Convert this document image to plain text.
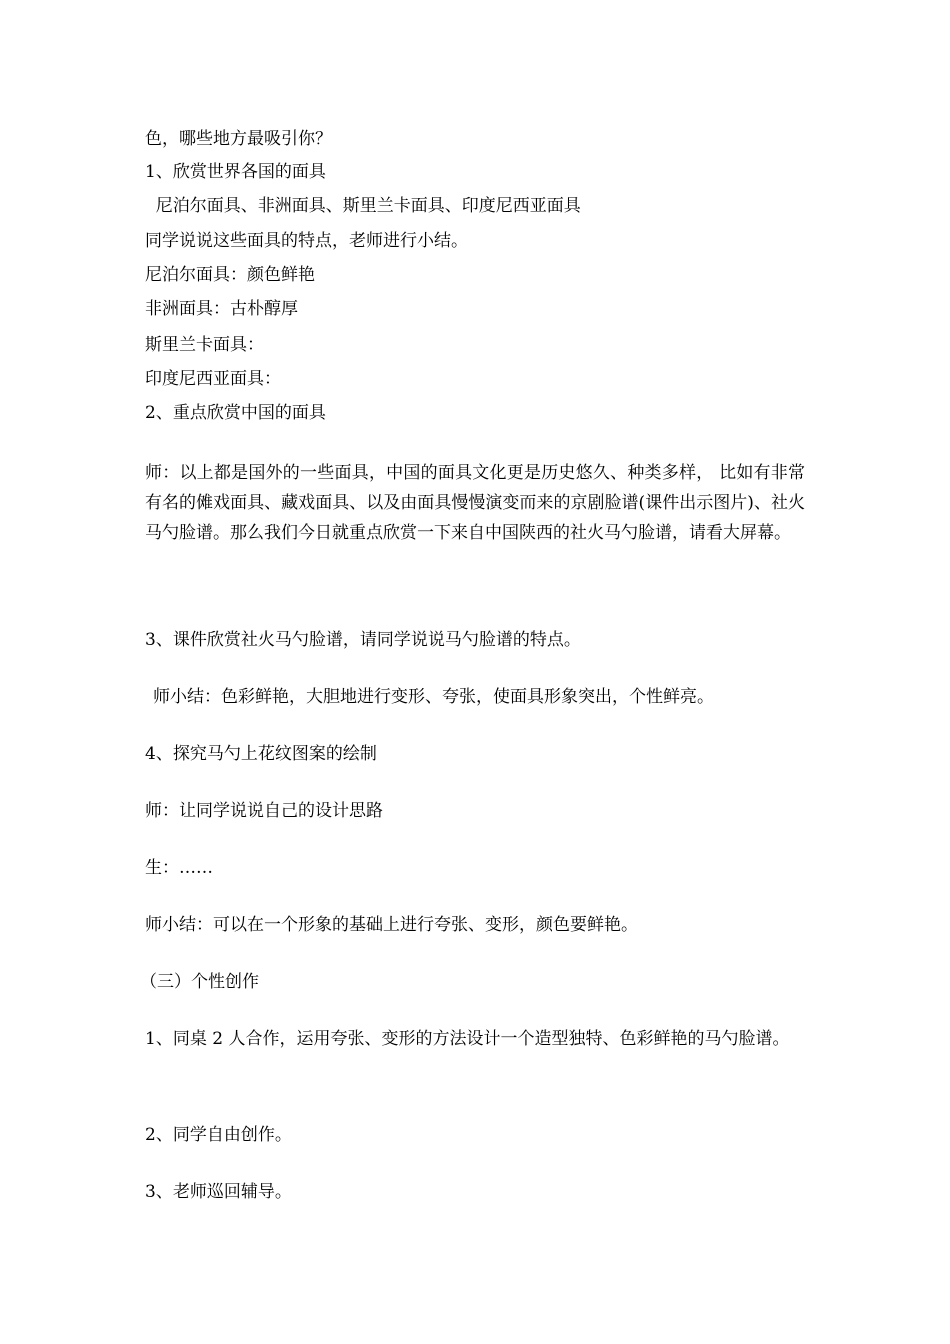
色，哪些地方最吸引你？

1、欣赏世界各国的面具

尼泊尔面具、非洲面具、斯里兰卡面具、印度尼西亚面具

同学说说这些面具的特点，老师进行小结。

尼泊尔面具：颜色鲜艳

非洲面具：古朴醇厚

斯里兰卡面具：

印度尼西亚面具：

2、重点欣赏中国的面具

师：以上都是国外的一些面具，中国的面具文化更是历史悠久、种类多样， 比如有非常有名的傩戏面具、藏戏面具、以及由面具慢慢演变而来的京剧脸谱(课件出示图片)、社火马勺脸谱。那么我们今日就重点欣赏一下来自中国陕西的社火马勺脸谱，请看大屏幕。

3、课件欣赏社火马勺脸谱，请同学说说马勺脸谱的特点。

师小结：色彩鲜艳，大胆地进行变形、夸张，使面具形象突出，个性鲜亮。

4、探究马勺上花纹图案的绘制

师：让同学说说自己的设计思路

生：……

师小结：可以在一个形象的基础上进行夸张、变形，颜色要鲜艳。

（三）个性创作

1、同桌 2 人合作，运用夸张、变形的方法设计一个造型独特、色彩鲜艳的马勺脸谱。

2、同学自由创作。

3、老师巡回辅导。
